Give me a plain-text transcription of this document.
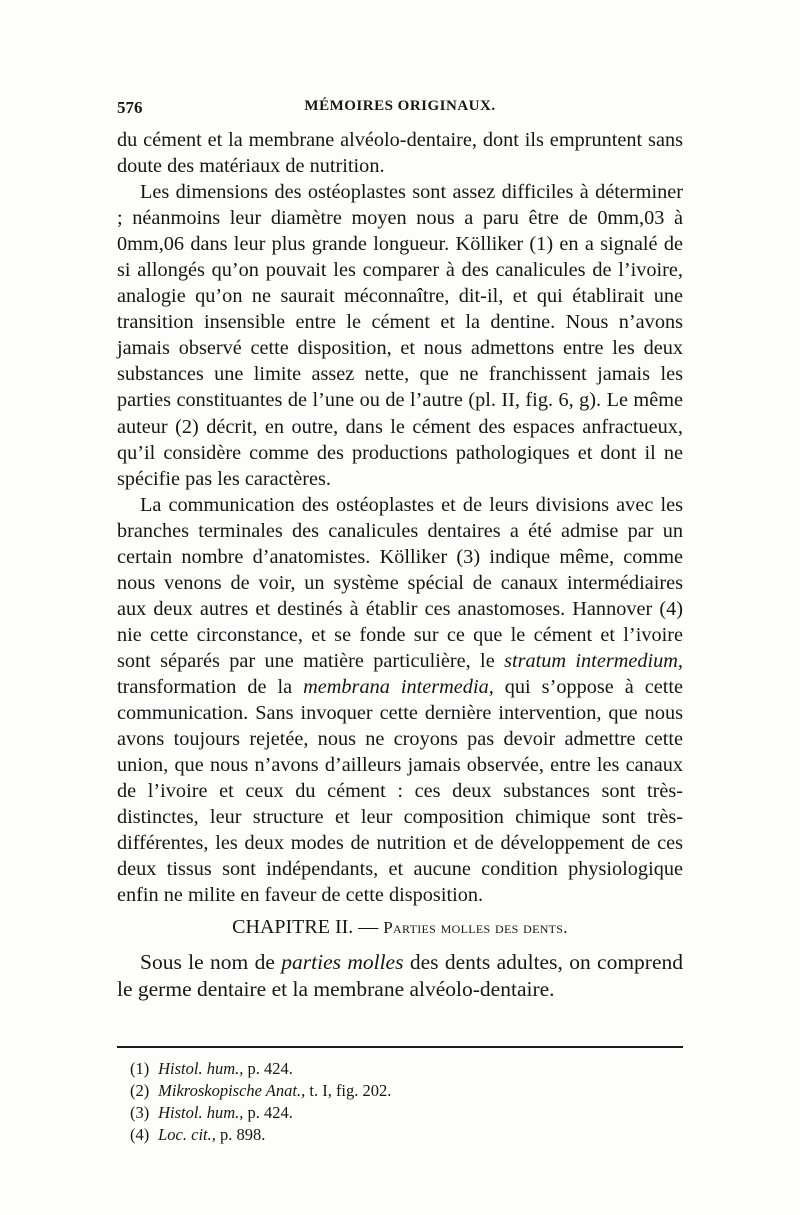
576	MÉMOIRES ORIGINAUX.

du cément et la membrane alvéolo-dentaire, dont ils empruntent sans doute des matériaux de nutrition.

Les dimensions des ostéoplastes sont assez difficiles à déterminer ; néanmoins leur diamètre moyen nous a paru être de 0mm,03 à 0mm,06 dans leur plus grande longueur. Kölliker (1) en a signalé de si allongés qu’on pouvait les comparer à des canalicules de l’ivoire, analogie qu’on ne saurait méconnaître, dit-il, et qui établirait une transition insensible entre le cément et la dentine. Nous n’avons jamais observé cette disposition, et nous admettons entre les deux substances une limite assez nette, que ne franchissent jamais les parties constituantes de l’une ou de l’autre (pl. II, fig. 6, g). Le même auteur (2) décrit, en outre, dans le cément des espaces anfractueux, qu’il considère comme des productions pathologiques et dont il ne spécifie pas les caractères.

La communication des ostéoplastes et de leurs divisions avec les branches terminales des canalicules dentaires a été admise par un certain nombre d’anatomistes. Kölliker (3) indique même, comme nous venons de voir, un système spécial de canaux intermédiaires aux deux autres et destinés à établir ces anastomoses. Hannover (4) nie cette circonstance, et se fonde sur ce que le cément et l’ivoire sont séparés par une matière particulière, le stratum intermedium, transformation de la membrana intermedia, qui s’oppose à cette communication. Sans invoquer cette dernière intervention, que nous avons toujours rejetée, nous ne croyons pas devoir admettre cette union, que nous n’avons d’ailleurs jamais observée, entre les canaux de l’ivoire et ceux du cément : ces deux substances sont très-distinctes, leur structure et leur composition chimique sont très-différentes, les deux modes de nutrition et de développement de ces deux tissus sont indépendants, et aucune condition physiologique enfin ne milite en faveur de cette disposition.

CHAPITRE II. — Parties molles des dents.

Sous le nom de parties molles des dents adultes, on comprend le germe dentaire et la membrane alvéolo-dentaire.

(1) Histol. hum., p. 424.
(2) Mikroskopische Anat., t. I, fig. 202.
(3) Histol. hum., p. 424.
(4) Loc. cit., p. 898.
